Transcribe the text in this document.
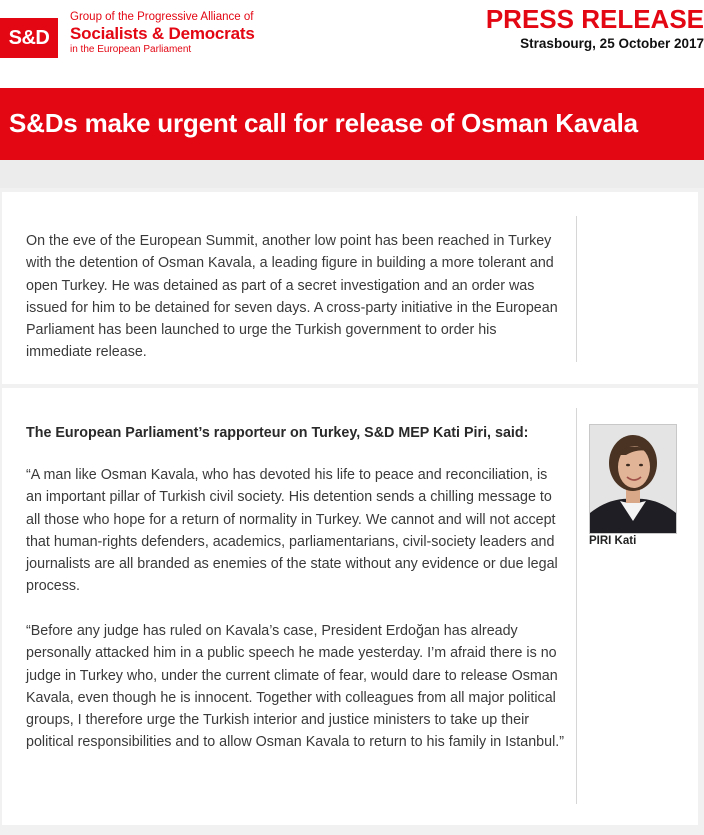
S&D
Group of the Progressive Alliance of
Socialists & Democrats
in the European Parliament
PRESS RELEASE
Strasbourg, 25 October 2017
S&Ds make urgent call for release of Osman Kavala

On the eve of the European Summit, another low point has been reached in Turkey with the detention of Osman Kavala, a leading figure in building a more tolerant and open Turkey. He was detained as part of a secret investigation and an order was issued for him to be detained for seven days. A cross-party initiative in the European Parliament has been launched to urge the Turkish government to order his immediate release.

The European Parliament’s rapporteur on Turkey, S&D MEP Kati Piri, said:

“A man like Osman Kavala, who has devoted his life to peace and reconciliation, is an important pillar of Turkish civil society. His detention sends a chilling message to all those who hope for a return of normality in Turkey. We cannot and will not accept that human-rights defenders, academics, parliamentarians, civil-society leaders and journalists are all branded as enemies of the state without any evidence or due legal process.

“Before any judge has ruled on Kavala’s case, President Erdoğan has already personally attacked him in a public speech he made yesterday. I’m afraid there is no judge in Turkey who, under the current climate of fear, would dare to release Osman Kavala, even though he is innocent. Together with colleagues from all major political groups, I therefore urge the Turkish interior and justice ministers to take up their political responsibilities and to allow Osman Kavala to return to his family in Istanbul.”

PIRI Kati
